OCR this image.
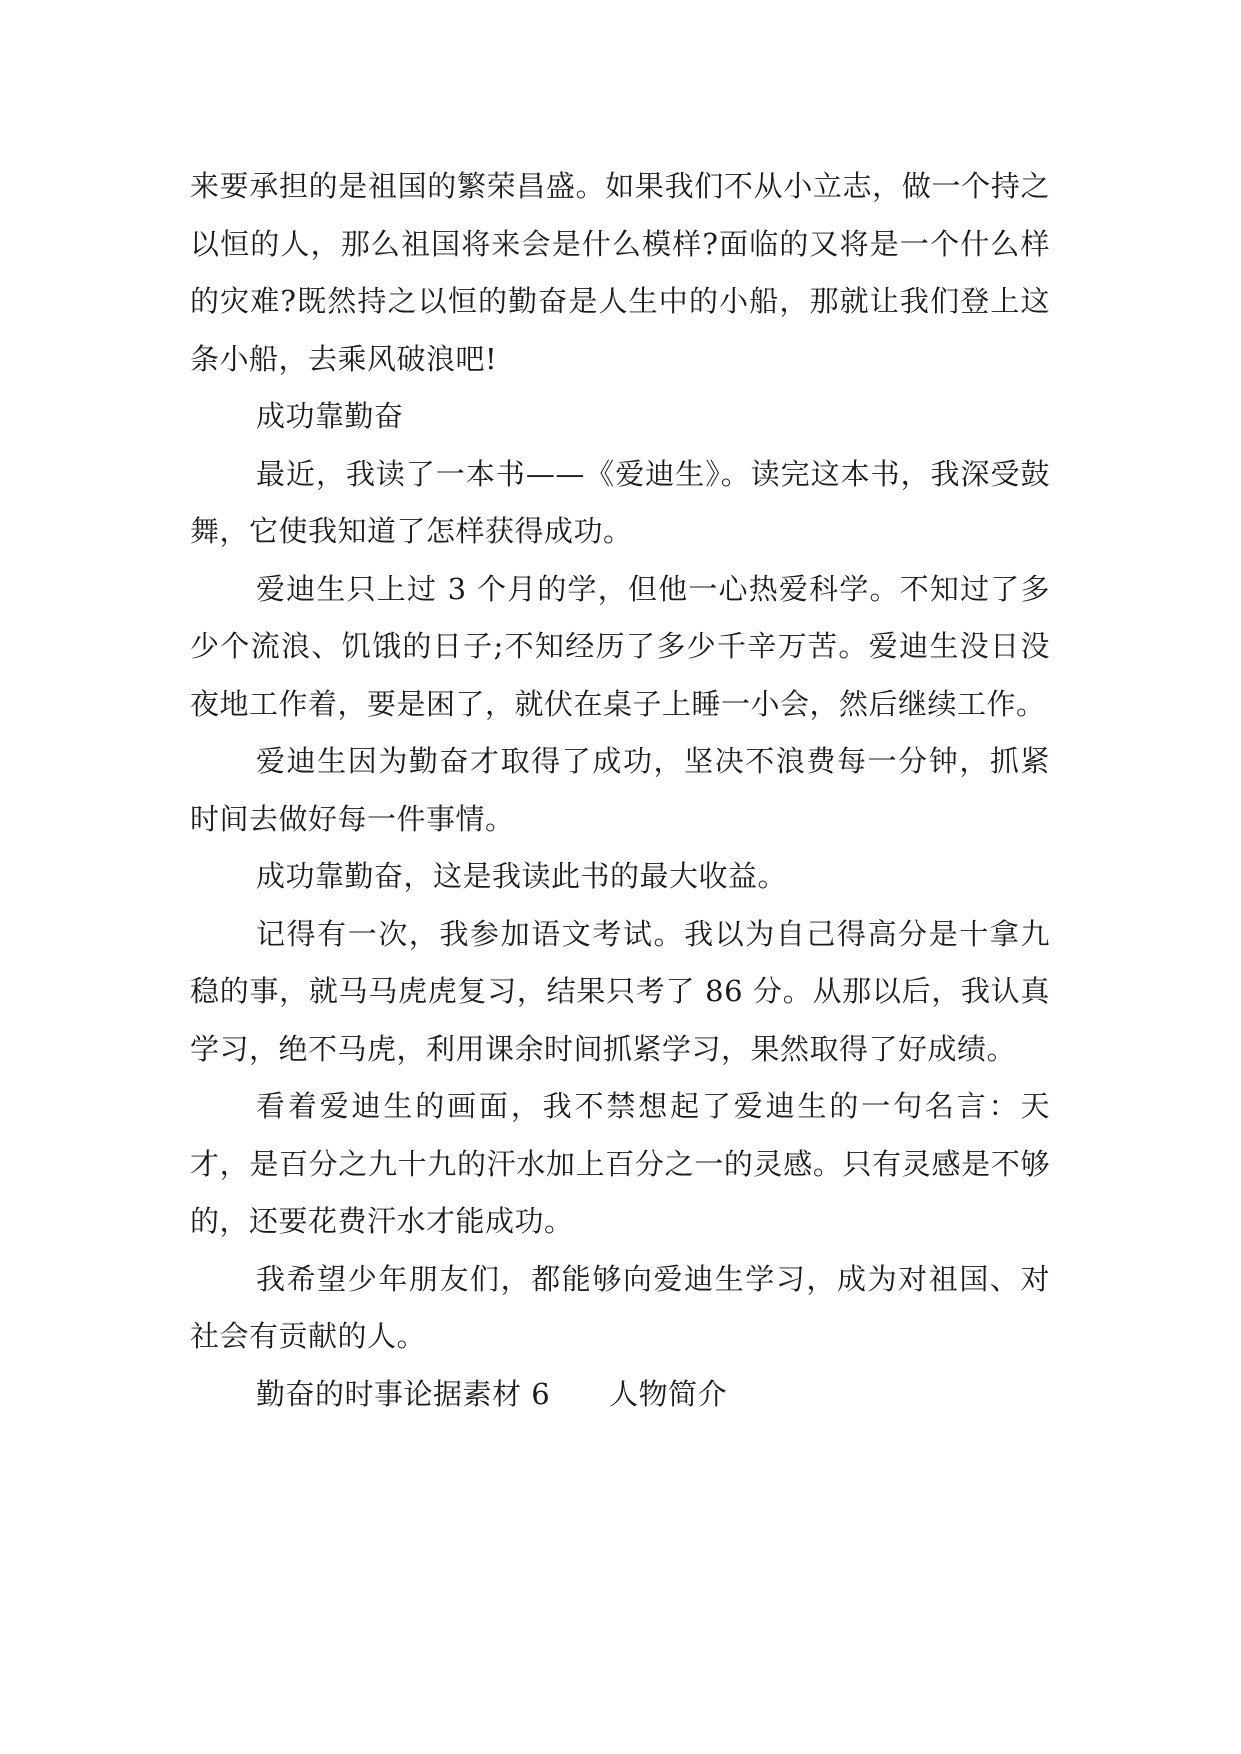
来要承担的是祖国的繁荣昌盛。如果我们不从小立志，做一个持之以恒的人，那么祖国将来会是什么模样?面临的又将是一个什么样的灾难?既然持之以恒的勤奋是人生中的小船，那就让我们登上这条小船，去乘风破浪吧!

成功靠勤奋

最近，我读了一本书——《爱迪生》。读完这本书，我深受鼓舞，它使我知道了怎样获得成功。

爱迪生只上过 3 个月的学，但他一心热爱科学。不知过了多少个流浪、饥饿的日子;不知经历了多少千辛万苦。爱迪生没日没夜地工作着，要是困了，就伏在桌子上睡一小会，然后继续工作。

爱迪生因为勤奋才取得了成功，坚决不浪费每一分钟，抓紧时间去做好每一件事情。

成功靠勤奋，这是我读此书的最大收益。

记得有一次，我参加语文考试。我以为自己得高分是十拿九稳的事，就马马虎虎复习，结果只考了 86 分。从那以后，我认真学习，绝不马虎，利用课余时间抓紧学习，果然取得了好成绩。

看着爱迪生的画面，我不禁想起了爱迪生的一句名言：天才，是百分之九十九的汗水加上百分之一的灵感。只有灵感是不够的，还要花费汗水才能成功。

我希望少年朋友们，都能够向爱迪生学习，成为对祖国、对社会有贡献的人。

勤奋的时事论据素材 6　　人物简介
